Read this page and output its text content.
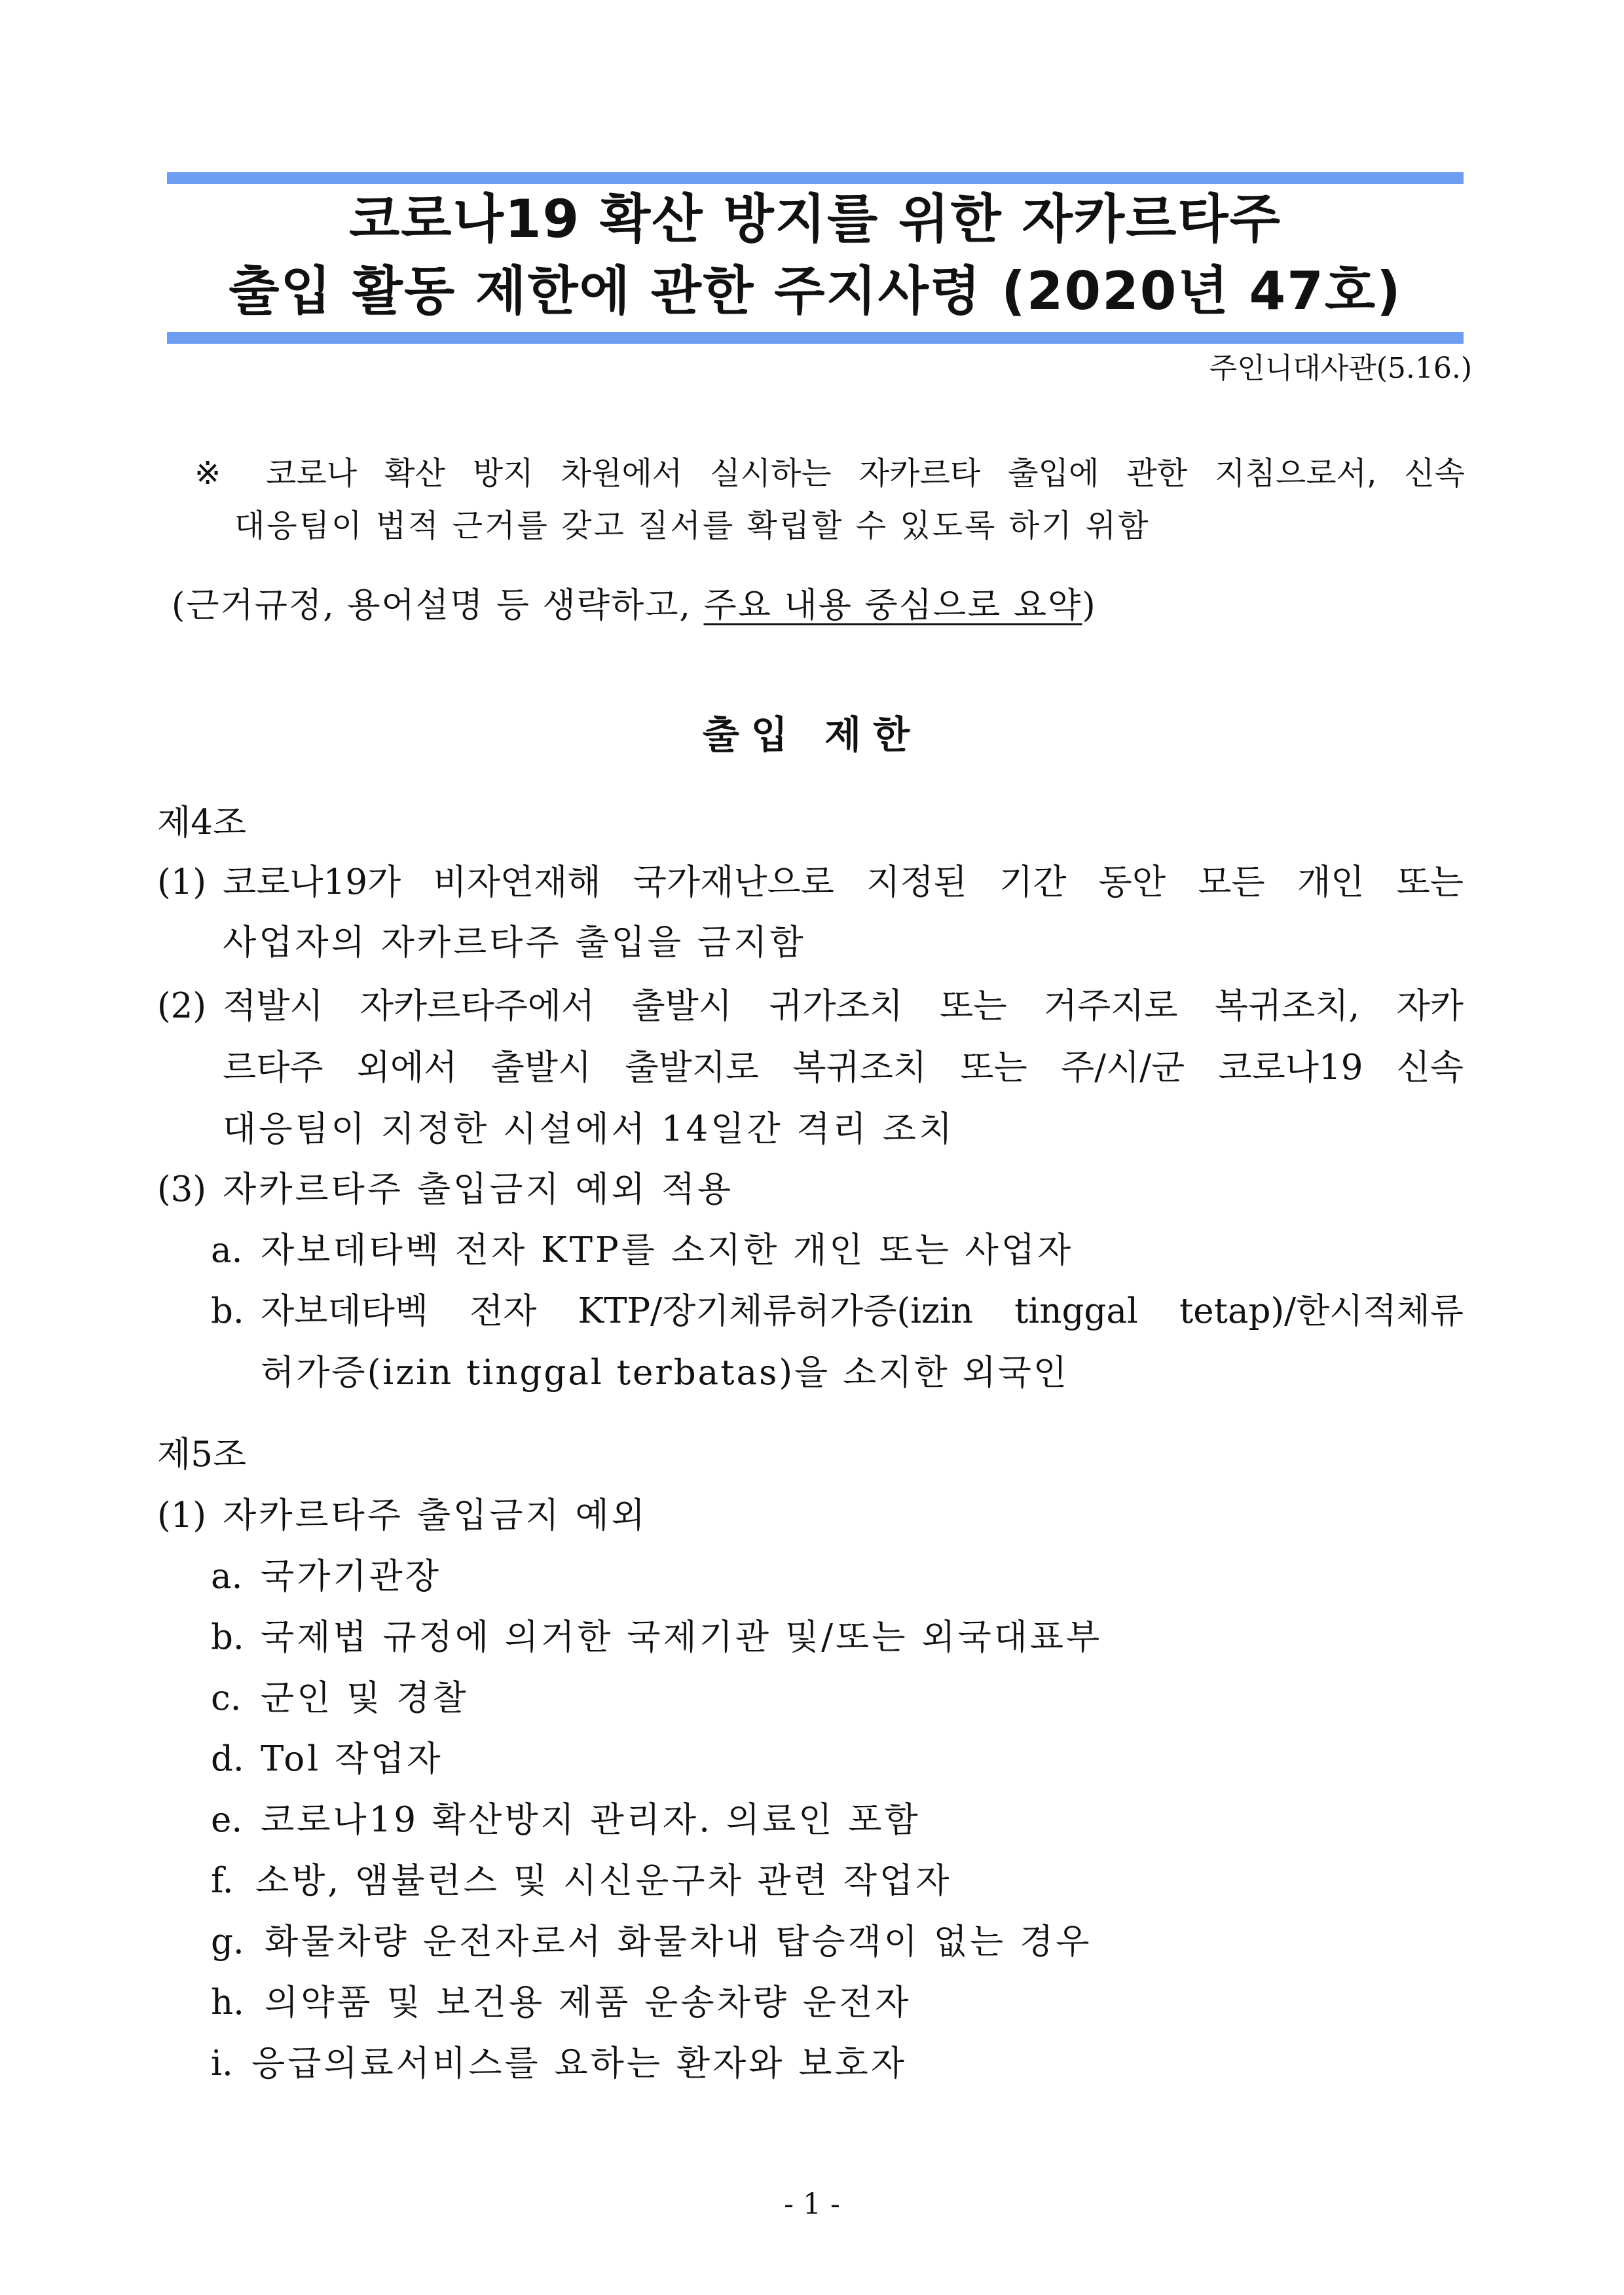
코로나19 확산 방지를 위한 자카르타주
출입 활동 제한에 관한 주지사령 (2020년 47호)
주인니대사관(5.16.)
※ 코로나 확산 방지 차원에서 실시하는 자카르타 출입에 관한 지침으로서, 신속
대응팀이 법적 근거를 갖고 질서를 확립할 수 있도록 하기 위함
(근거규정, 용어설명 등 생략하고, 주요 내용 중심으로 요약)
출입 제한
제4조
(1) 코로나19가 비자연재해 국가재난으로 지정된 기간 동안 모든 개인 또는
사업자의 자카르타주 출입을 금지함
(2) 적발시 자카르타주에서 출발시 귀가조치 또는 거주지로 복귀조치, 자카
르타주 외에서 출발시 출발지로 복귀조치 또는 주/시/군 코로나19 신속
대응팀이 지정한 시설에서 14일간 격리 조치
(3) 자카르타주 출입금지 예외 적용
a. 자보데타벡 전자 KTP를 소지한 개인 또는 사업자
b. 자보데타벡 전자 KTP/장기체류허가증(izin tinggal tetap)/한시적체류
허가증(izin tinggal terbatas)을 소지한 외국인
제5조
(1) 자카르타주 출입금지 예외
a. 국가기관장
b. 국제법 규정에 의거한 국제기관 및/또는 외국대표부
c. 군인 및 경찰
d. Tol 작업자
e. 코로나19 확산방지 관리자. 의료인 포함
f. 소방, 앰뷸런스 및 시신운구차 관련 작업자
g. 화물차량 운전자로서 화물차내 탑승객이 없는 경우
h. 의약품 및 보건용 제품 운송차량 운전자
i. 응급의료서비스를 요하는 환자와 보호자
- 1 -
